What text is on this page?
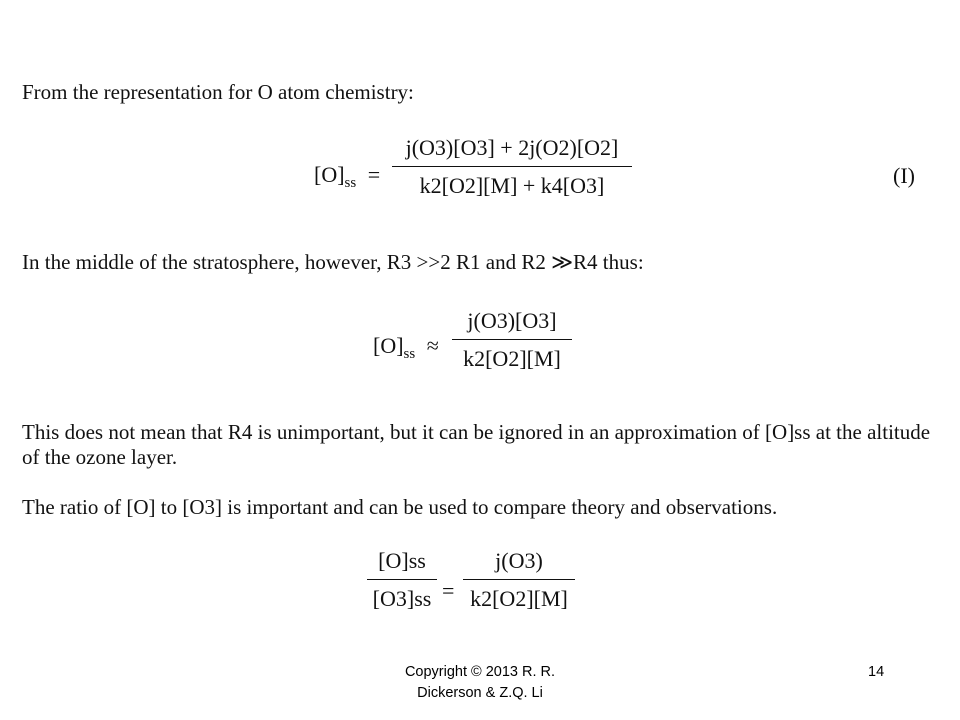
From the representation for O atom chemistry:
$[O]_{ss}$ =
j(O3)[O3] + 2j(O2)[O2]
k2[O2][M] + k4[O3]	(I)
In the middle of the stratosphere, however, R3 >>2 R1 and R2 ≫R4 thus:
$[O]_{ss}$ ≈
j(O3)[O3]
k2[O2][M]
This does not mean that R4 is unimportant, but it can be ignored in an approximation of [O]ss at the altitude of the ozone layer.
The ratio of [O] to [O3] is important and can be used to compare theory and observations.
[O]ss
[O3]ss =
j(O3)
k2[O2][M]
Copyright © 2013 R. R. Dickerson & Z.Q. Li
14
